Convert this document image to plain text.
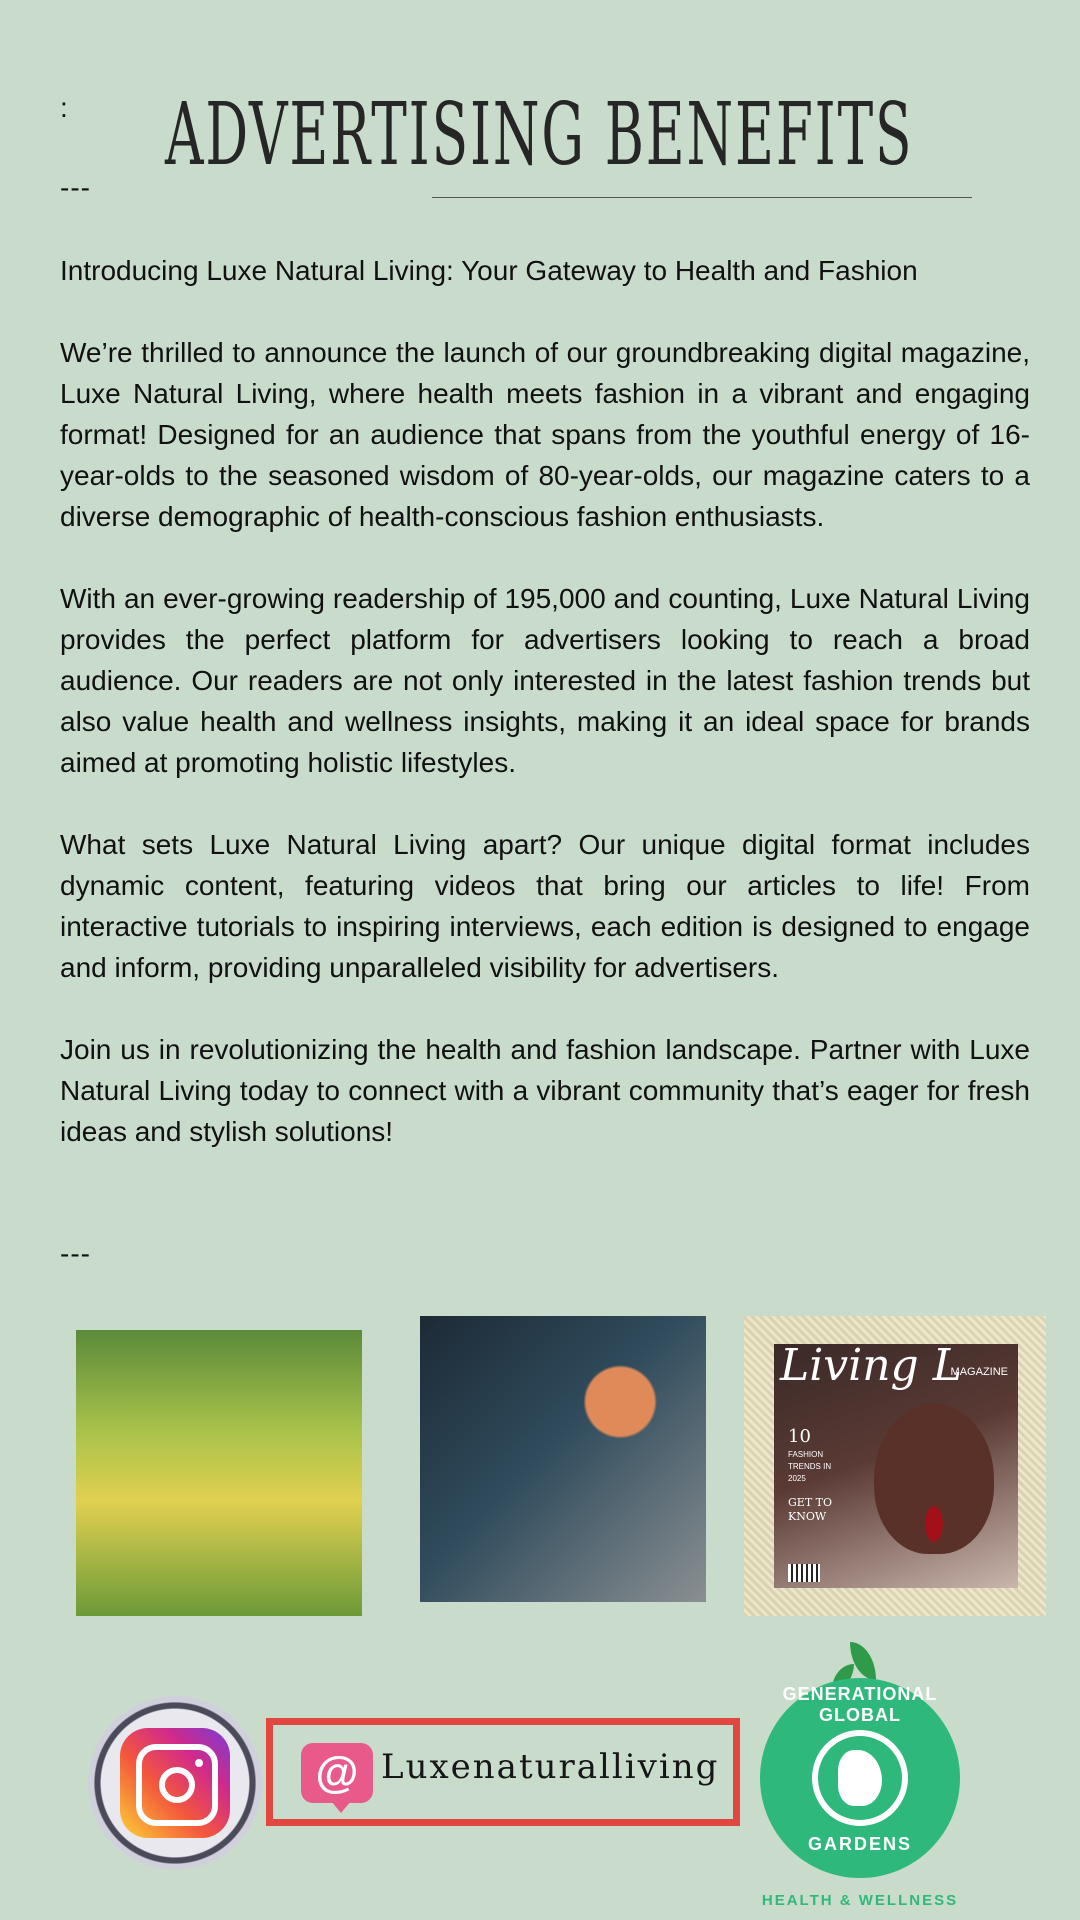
:
---
ADVERTISING BENEFITS

Introducing Luxe Natural Living: Your Gateway to Health and Fashion

We’re thrilled to announce the launch of our groundbreaking digital magazine, Luxe Natural Living, where health meets fashion in a vibrant and engaging format! Designed for an audience that spans from the youthful energy of 16-year-olds to the seasoned wisdom of 80-year-olds, our magazine caters to a diverse demographic of health-conscious fashion enthusiasts.

With an ever-growing readership of 195,000 and counting, Luxe Natural Living provides the perfect platform for advertisers looking to reach a broad audience. Our readers are not only interested in the latest fashion trends but also value health and wellness insights, making it an ideal space for brands aimed at promoting holistic lifestyles.

What sets Luxe Natural Living apart? Our unique digital format includes dynamic content, featuring videos that bring our articles to life! From interactive tutorials to inspiring interviews, each edition is designed to engage and inform, providing unparalleled visibility for advertisers.

Join us in revolutionizing the health and fashion landscape. Partner with Luxe Natural Living today to connect with a vibrant community that’s eager for fresh ideas and stylish solutions!

---
Living L
MAGAZINE
10
FASHION
TRENDS IN
2025
GET TO KNOW
@ Luxenaturalliving
GENERATIONAL GLOBAL
GARDENS
HEALTH & WELLNESS
